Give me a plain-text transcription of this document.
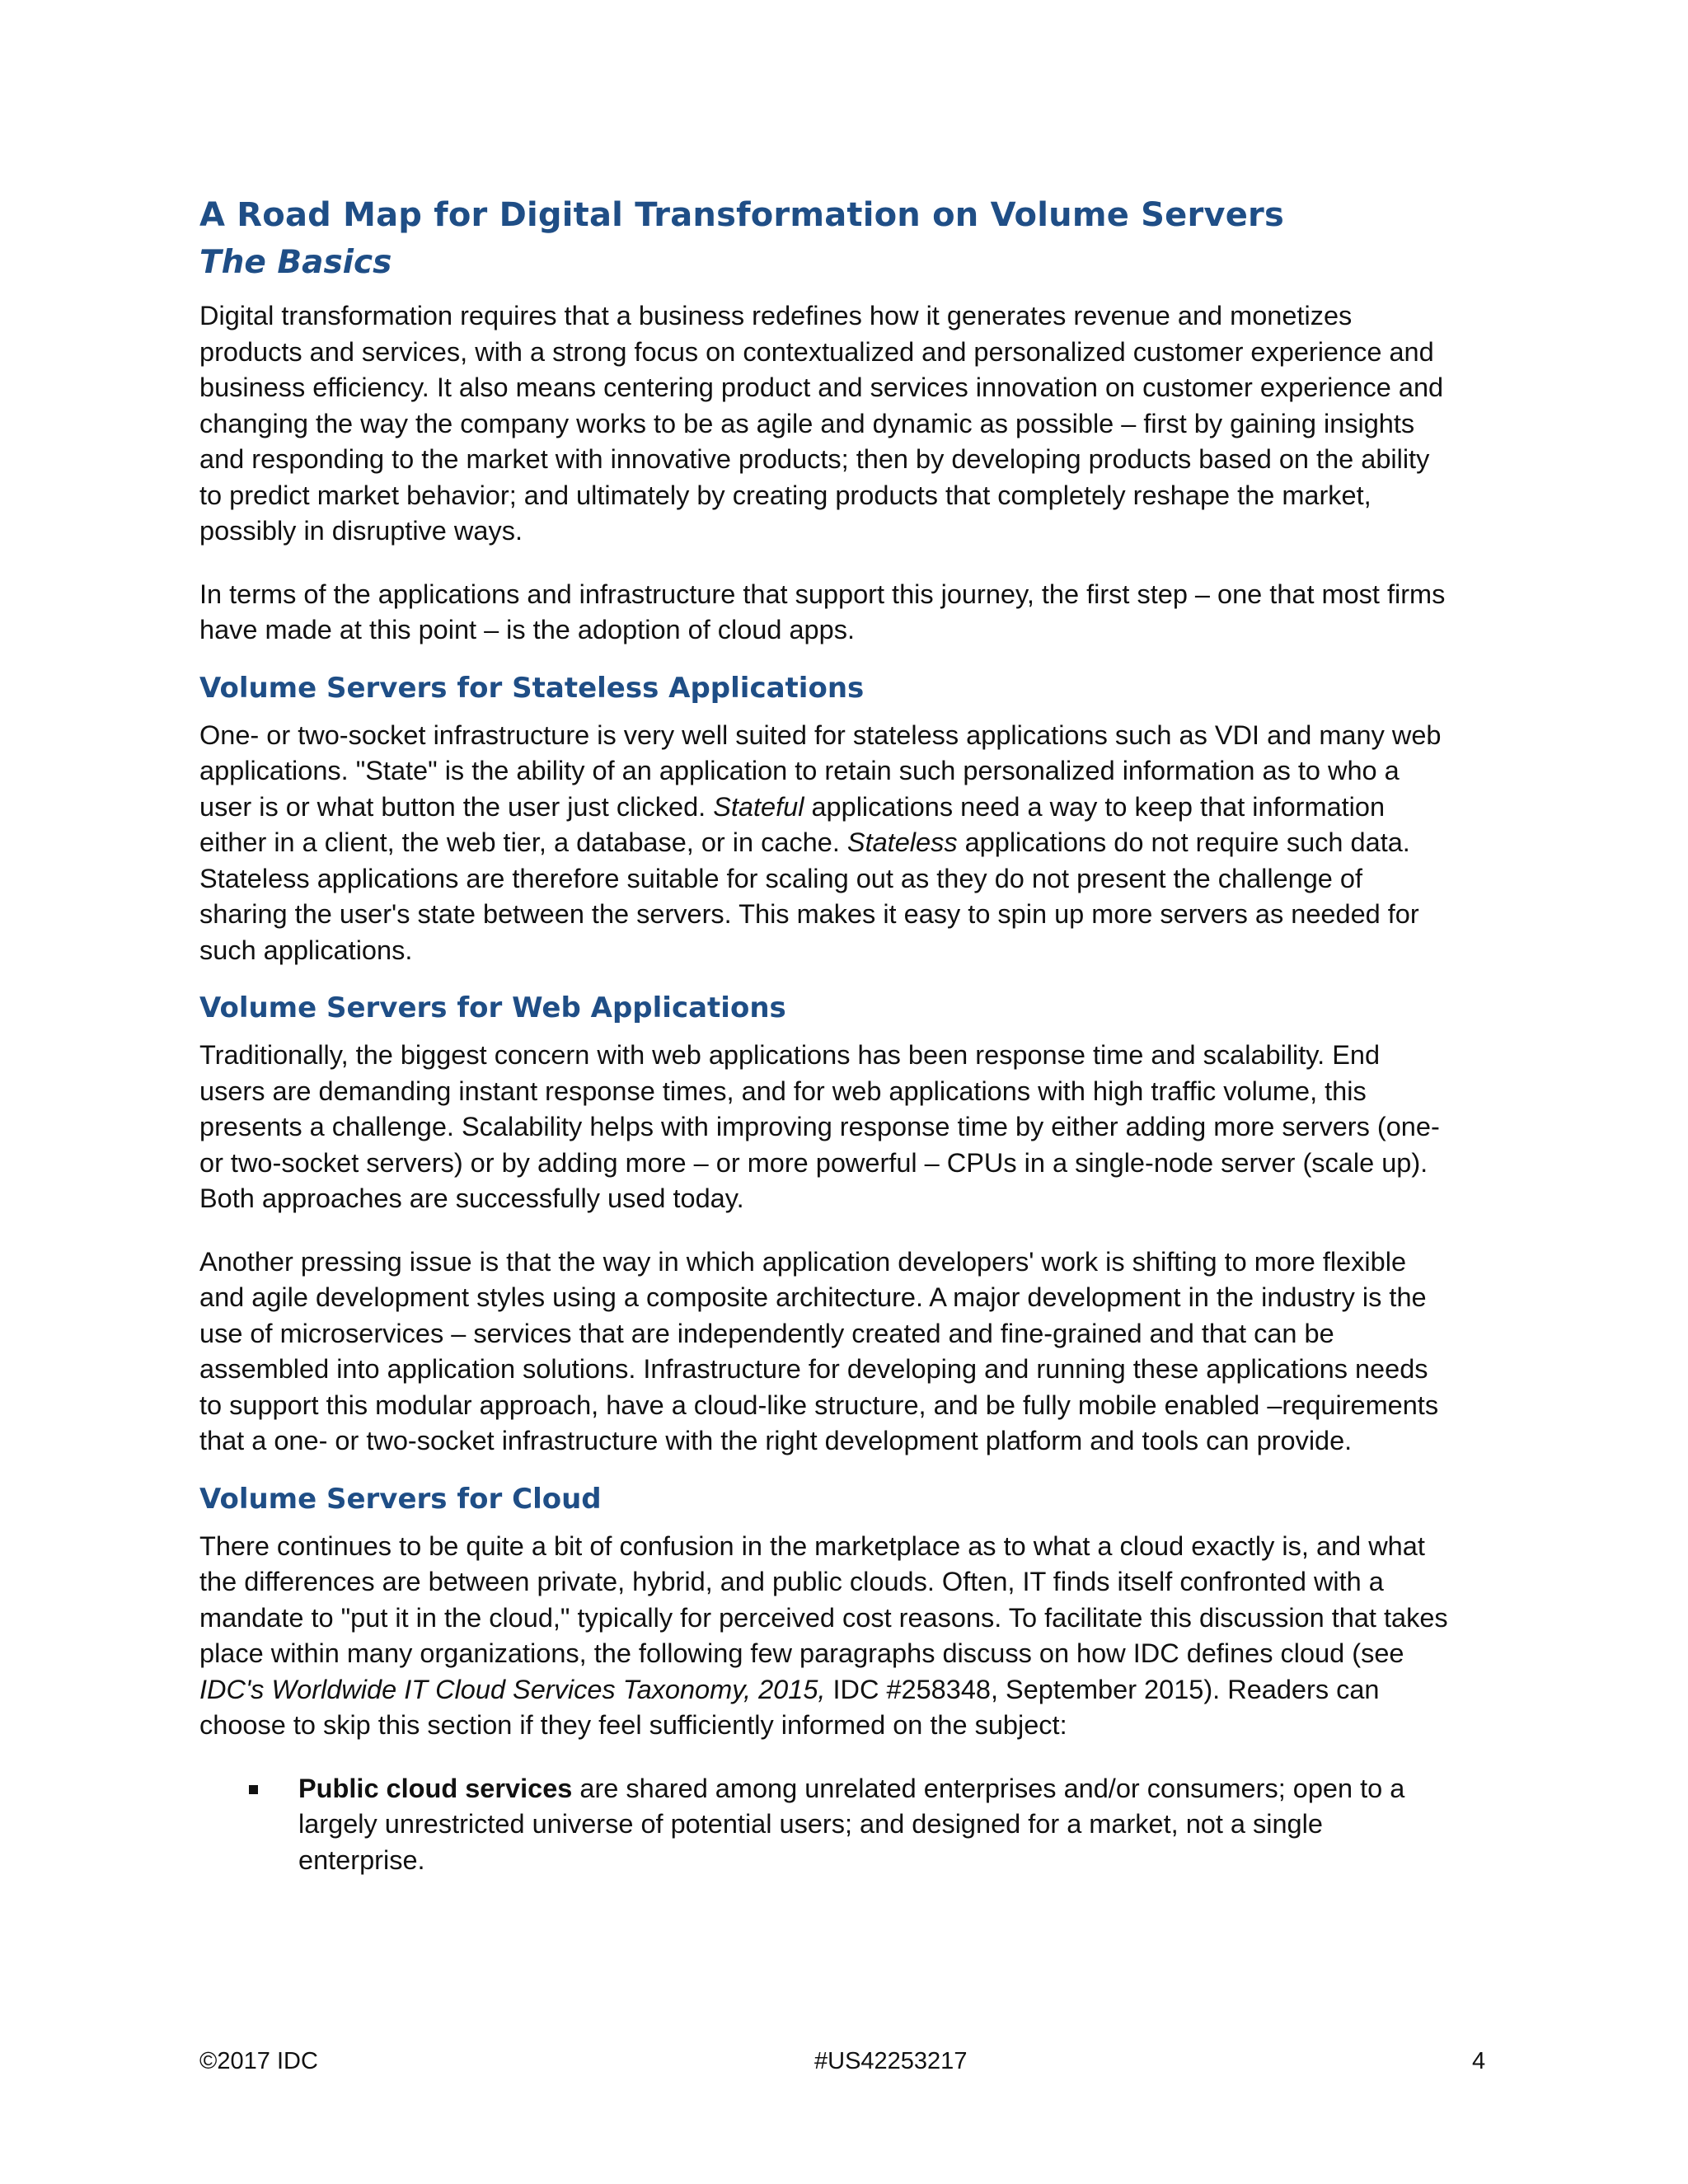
A Road Map for Digital Transformation on Volume Servers
The Basics

Digital transformation requires that a business redefines how it generates revenue and monetizes products and services, with a strong focus on contextualized and personalized customer experience and business efficiency. It also means centering product and services innovation on customer experience and changing the way the company works to be as agile and dynamic as possible – first by gaining insights and responding to the market with innovative products; then by developing products based on the ability to predict market behavior; and ultimately by creating products that completely reshape the market, possibly in disruptive ways.

In terms of the applications and infrastructure that support this journey, the first step – one that most firms have made at this point – is the adoption of cloud apps.

Volume Servers for Stateless Applications

One- or two-socket infrastructure is very well suited for stateless applications such as VDI and many web applications. "State" is the ability of an application to retain such personalized information as to who a user is or what button the user just clicked. Stateful applications need a way to keep that information either in a client, the web tier, a database, or in cache. Stateless applications do not require such data. Stateless applications are therefore suitable for scaling out as they do not present the challenge of sharing the user's state between the servers. This makes it easy to spin up more servers as needed for such applications.

Volume Servers for Web Applications

Traditionally, the biggest concern with web applications has been response time and scalability. End users are demanding instant response times, and for web applications with high traffic volume, this presents a challenge. Scalability helps with improving response time by either adding more servers (one- or two-socket servers) or by adding more – or more powerful – CPUs in a single-node server (scale up). Both approaches are successfully used today.

Another pressing issue is that the way in which application developers' work is shifting to more flexible and agile development styles using a composite architecture. A major development in the industry is the use of microservices – services that are independently created and fine-grained and that can be assembled into application solutions. Infrastructure for developing and running these applications needs to support this modular approach, have a cloud-like structure, and be fully mobile enabled –requirements that a one- or two-socket infrastructure with the right development platform and tools can provide.

Volume Servers for Cloud

There continues to be quite a bit of confusion in the marketplace as to what a cloud exactly is, and what the differences are between private, hybrid, and public clouds. Often, IT finds itself confronted with a mandate to "put it in the cloud," typically for perceived cost reasons. To facilitate this discussion that takes place within many organizations, the following few paragraphs discuss on how IDC defines cloud (see IDC's Worldwide IT Cloud Services Taxonomy, 2015, IDC #258348, September 2015). Readers can choose to skip this section if they feel sufficiently informed on the subject:

Public cloud services are shared among unrelated enterprises and/or consumers; open to a largely unrestricted universe of potential users; and designed for a market, not a single enterprise.
©2017 IDC	#US42253217	4
